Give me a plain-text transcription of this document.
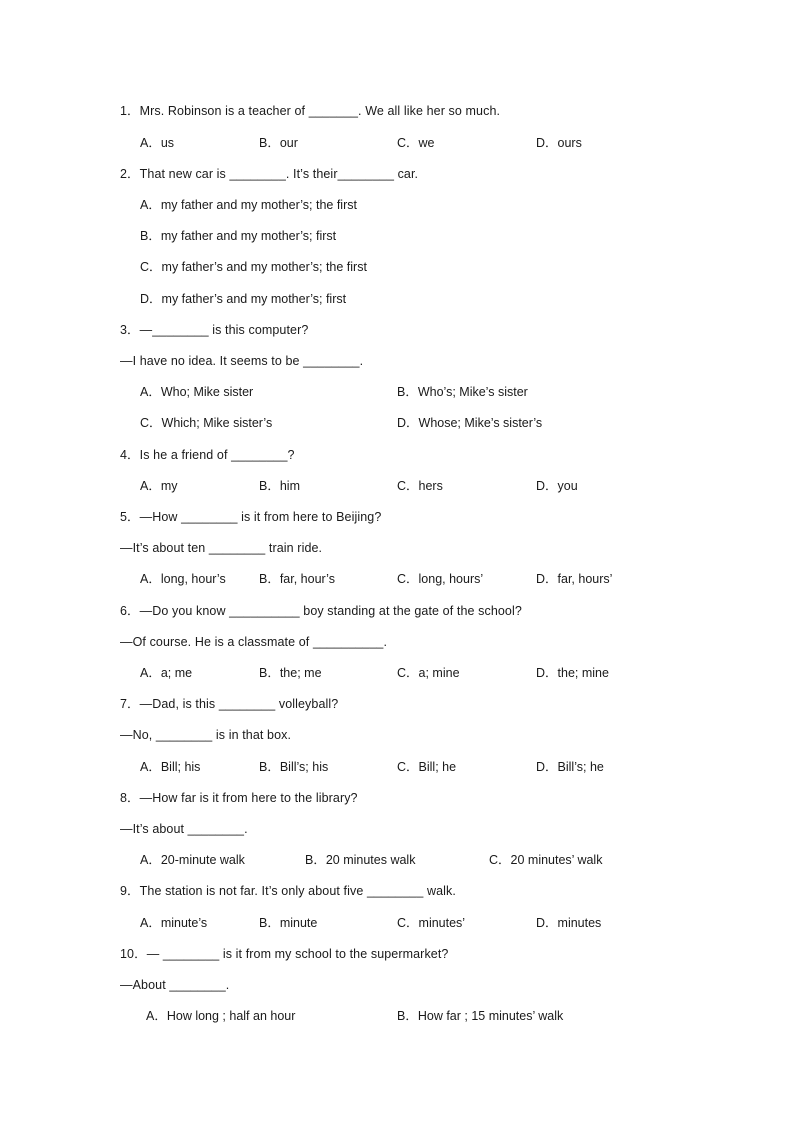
1．Mrs. Robinson is a teacher of _______. We all like her so much.
A．us	B．our	C．we	D．ours
2．That new car is ________. It’s their________ car.
A．my father and my mother’s; the first
B．my father and my mother’s; first
C．my father’s and my mother’s; the first
D．my father’s and my mother’s; first
3．—________ is this computer?
—I have no idea. It seems to be ________.
A．Who; Mike sister	B．Who’s; Mike’s sister
C．Which; Mike sister’s	D．Whose; Mike’s sister’s
4．Is he a friend of ________?
A．my	B．him	C．hers	D．you
5．—How ________ is it from here to Beijing?
—It’s about ten ________ train ride.
A．long, hour’s	B．far, hour’s	C．long, hours’	D．far, hours’
6．—Do you know __________ boy standing at the gate of the school?
—Of course. He is a classmate of __________.
A．a; me	B．the; me	C．a; mine	D．the; mine
7．—Dad, is this ________ volleyball?
—No, ________ is in that box.
A．Bill; his	B．Bill’s; his	C．Bill; he	D．Bill’s; he
8．—How far is it from here to the library?
—It’s about ________.
A．20-minute walk	B．20 minutes walk	C．20 minutes’ walk
9．The station is not far. It’s only about five ________ walk.
A．minute’s	B．minute	C．minutes’	D．minutes
10．— ________ is it from my school to the supermarket?
—About ________.
A．How long ; half an hour	B．How far ; 15 minutes’ walk
